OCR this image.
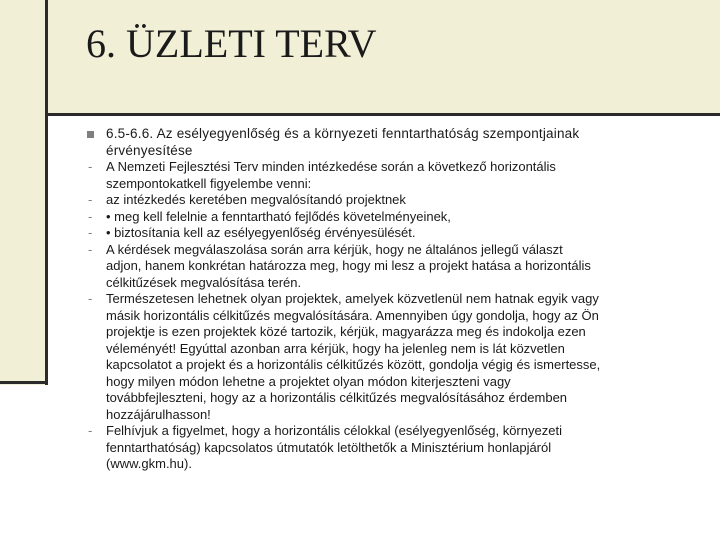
6. ÜZLETI TERV
6.5-6.6. Az esélyegyenlőség és a környezeti fenntarthatóság szempontjainak
érvényesítése
-	A Nemzeti Fejlesztési Terv minden intézkedése során a következő horizontális
szempontokatkell figyelembe venni:
-	az intézkedés keretében megvalósítandó projektnek
-	• meg kell felelnie a fenntartható fejlődés követelményeinek,
-	• biztosítania kell az esélyegyenlőség érvényesülését.
-	A kérdések megválaszolása során arra kérjük, hogy ne általános jellegű választ
adjon, hanem konkrétan határozza meg, hogy mi lesz a projekt hatása a horizontális
célkitűzések megvalósítása terén.
-	Természetesen lehetnek olyan projektek, amelyek közvetlenül nem hatnak egyik vagy
másik horizontális célkitűzés megvalósítására. Amennyiben úgy gondolja, hogy az Ön
projektje is ezen projektek közé tartozik, kérjük, magyarázza meg és indokolja ezen
véleményét! Egyúttal azonban arra kérjük, hogy ha jelenleg nem is lát közvetlen
kapcsolatot a projekt és a horizontális célkitűzés között, gondolja végig és ismertesse,
hogy milyen módon lehetne a projektet olyan módon kiterjeszteni vagy
továbbfejleszteni, hogy az a horizontális célkitűzés megvalósításához érdemben
hozzájárulhasson!
-	Felhívjuk a figyelmet, hogy a horizontális célokkal (esélyegyenlőség, környezeti
fenntarthatóság) kapcsolatos útmutatók letölthetők a Minisztérium honlapjáról
(www.gkm.hu).
